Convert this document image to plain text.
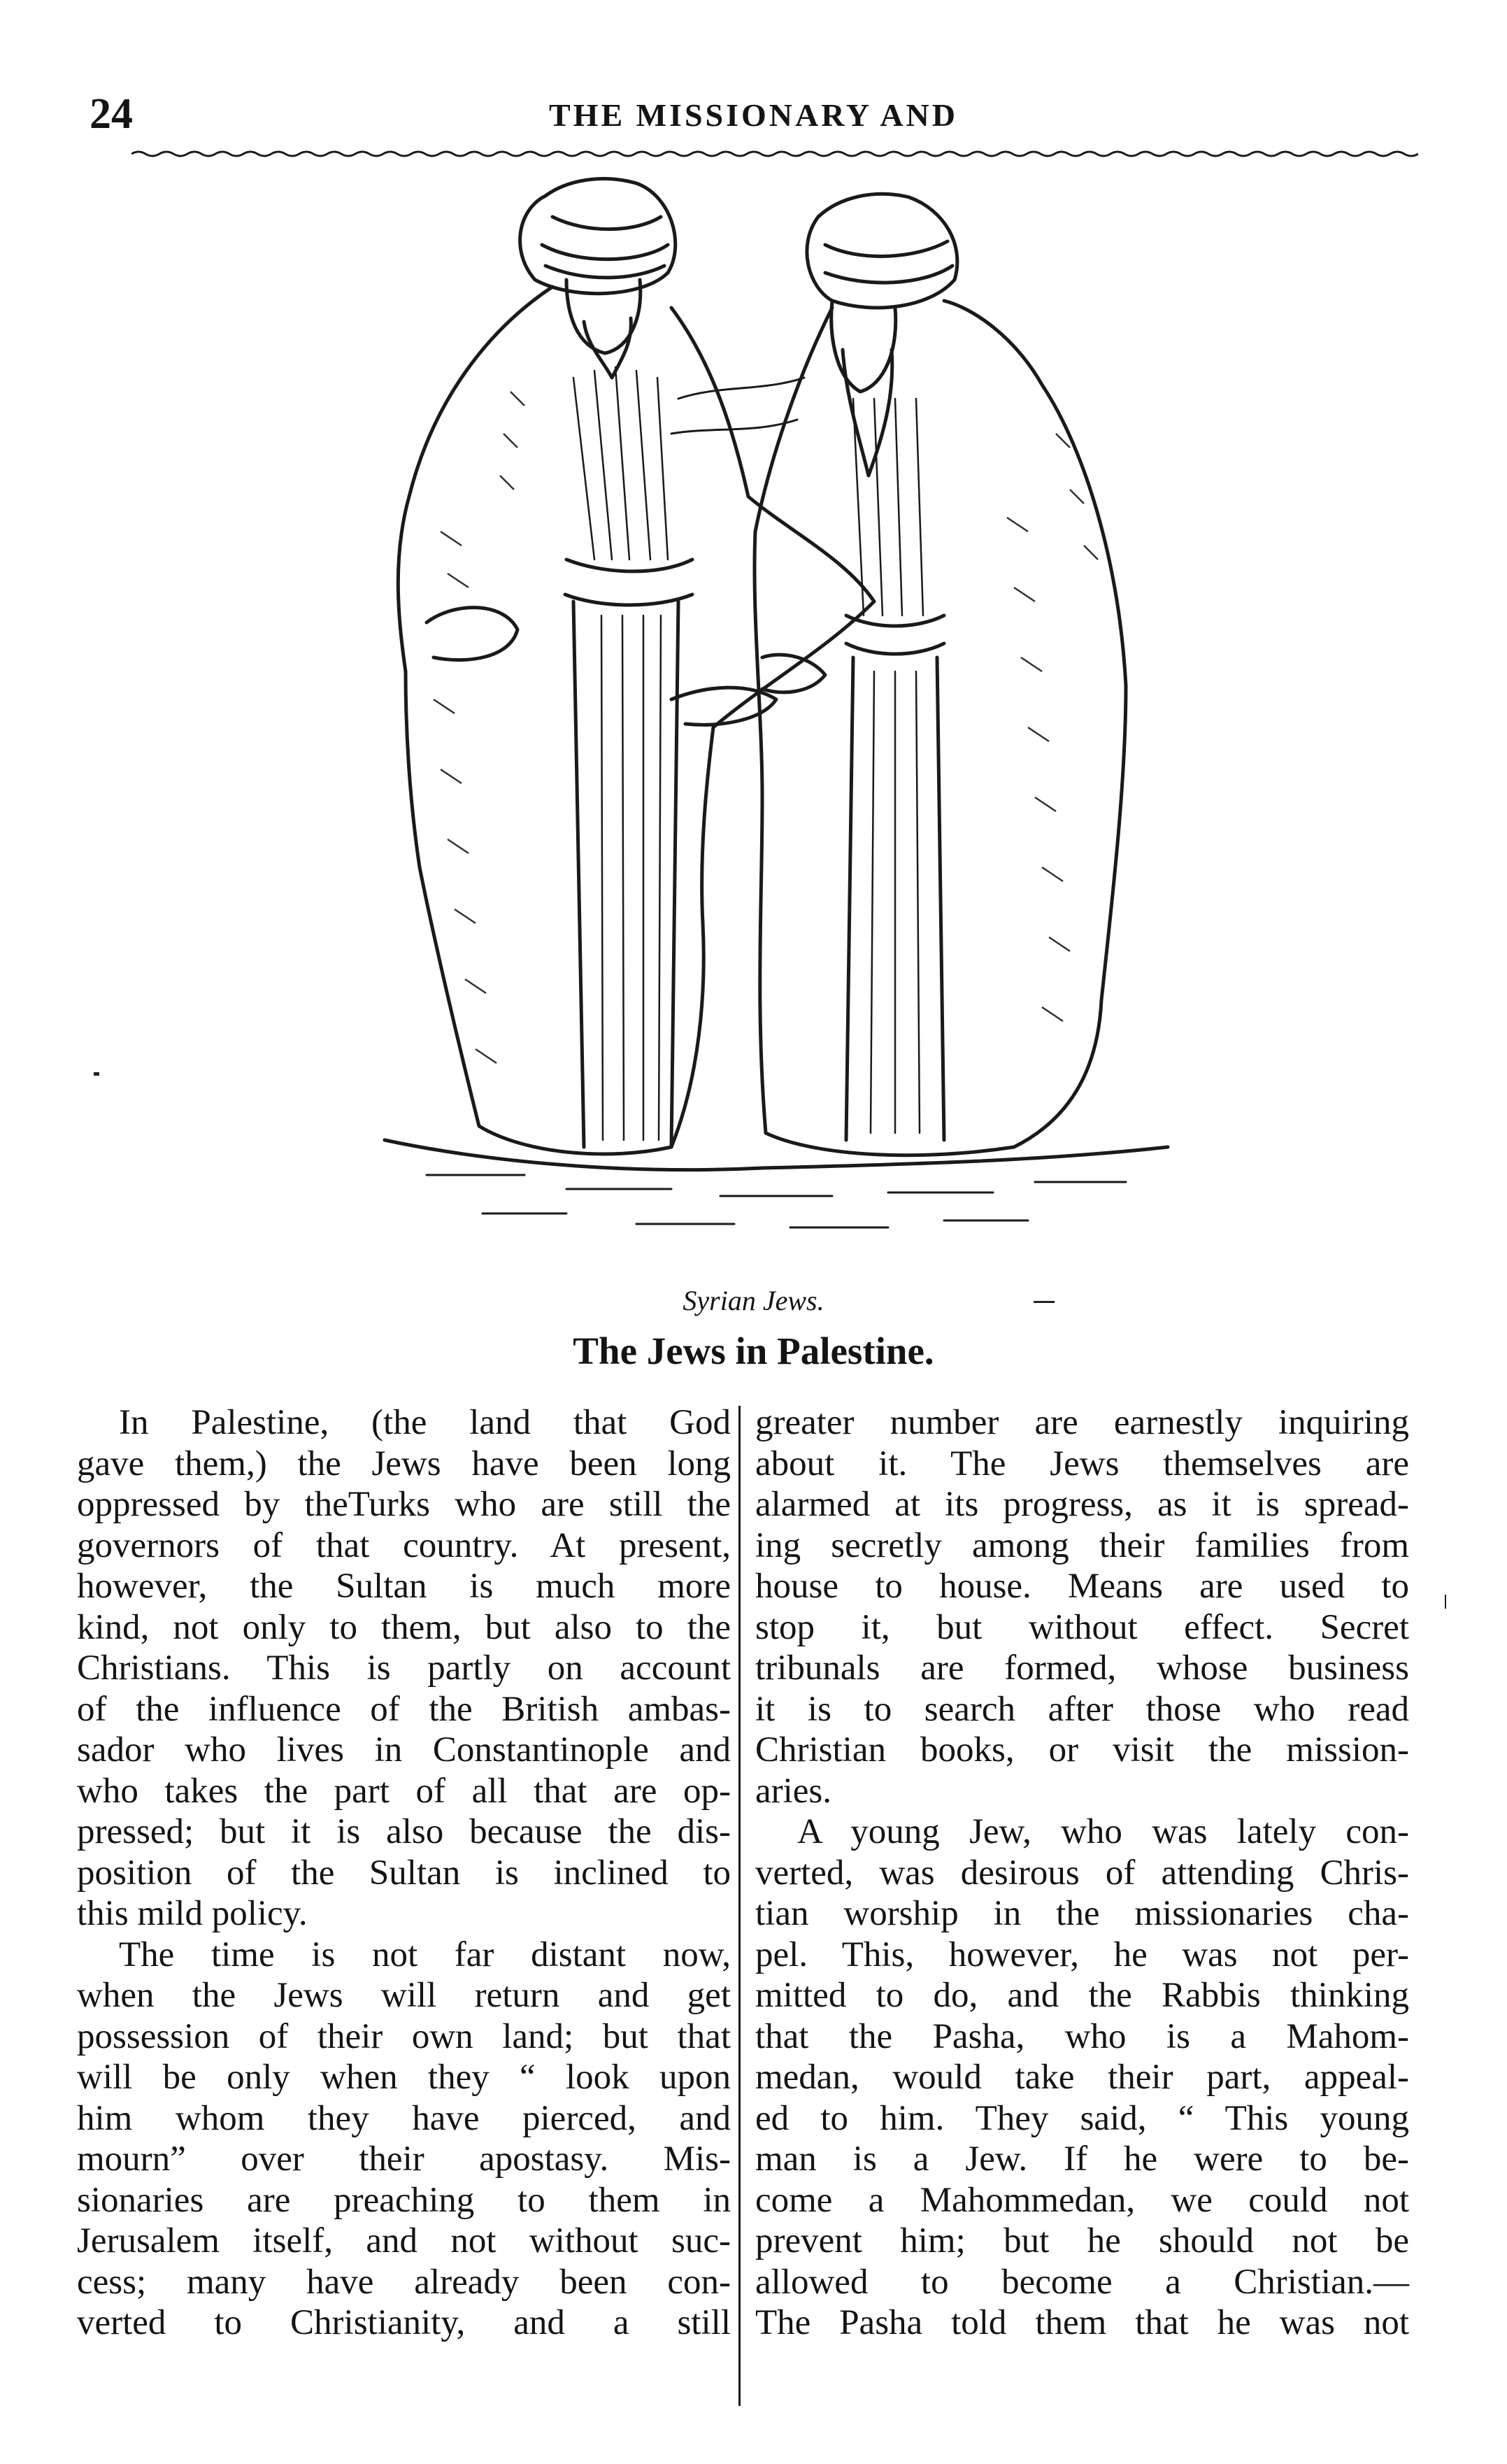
24	THE MISSIONARY AND
Syrian Jews.
The Jews in Palestine.
In Palestine, (the land that God
gave them,) the Jews have been long
oppressed by theTurks who are still the
governors of that country. At present,
however, the Sultan is much more
kind, not only to them, but also to the
Christians. This is partly on account
of the influence of the British ambas-
sador who lives in Constantinople and
who takes the part of all that are op-
pressed; but it is also because the dis-
position of the Sultan is inclined to
this mild policy.
The time is not far distant now,
when the Jews will return and get
possession of their own land; but that
will be only when they “ look upon
him whom they have pierced, and
mourn” over their apostasy. Mis-
sionaries are preaching to them in
Jerusalem itself, and not without suc-
cess; many have already been con-
verted to Christianity, and a still
greater number are earnestly inquiring
about it. The Jews themselves are
alarmed at its progress, as it is spread-
ing secretly among their families from
house to house. Means are used to
stop it, but without effect. Secret
tribunals are formed, whose business
it is to search after those who read
Christian books, or visit the mission-
aries.
A young Jew, who was lately con-
verted, was desirous of attending Chris-
tian worship in the missionaries cha-
pel. This, however, he was not per-
mitted to do, and the Rabbis thinking
that the Pasha, who is a Mahom-
medan, would take their part, appeal-
ed to him. They said, “ This young
man is a Jew. If he were to be-
come a Mahommedan, we could not
prevent him; but he should not be
allowed to become a Christian.—
The Pasha told them that he was not
